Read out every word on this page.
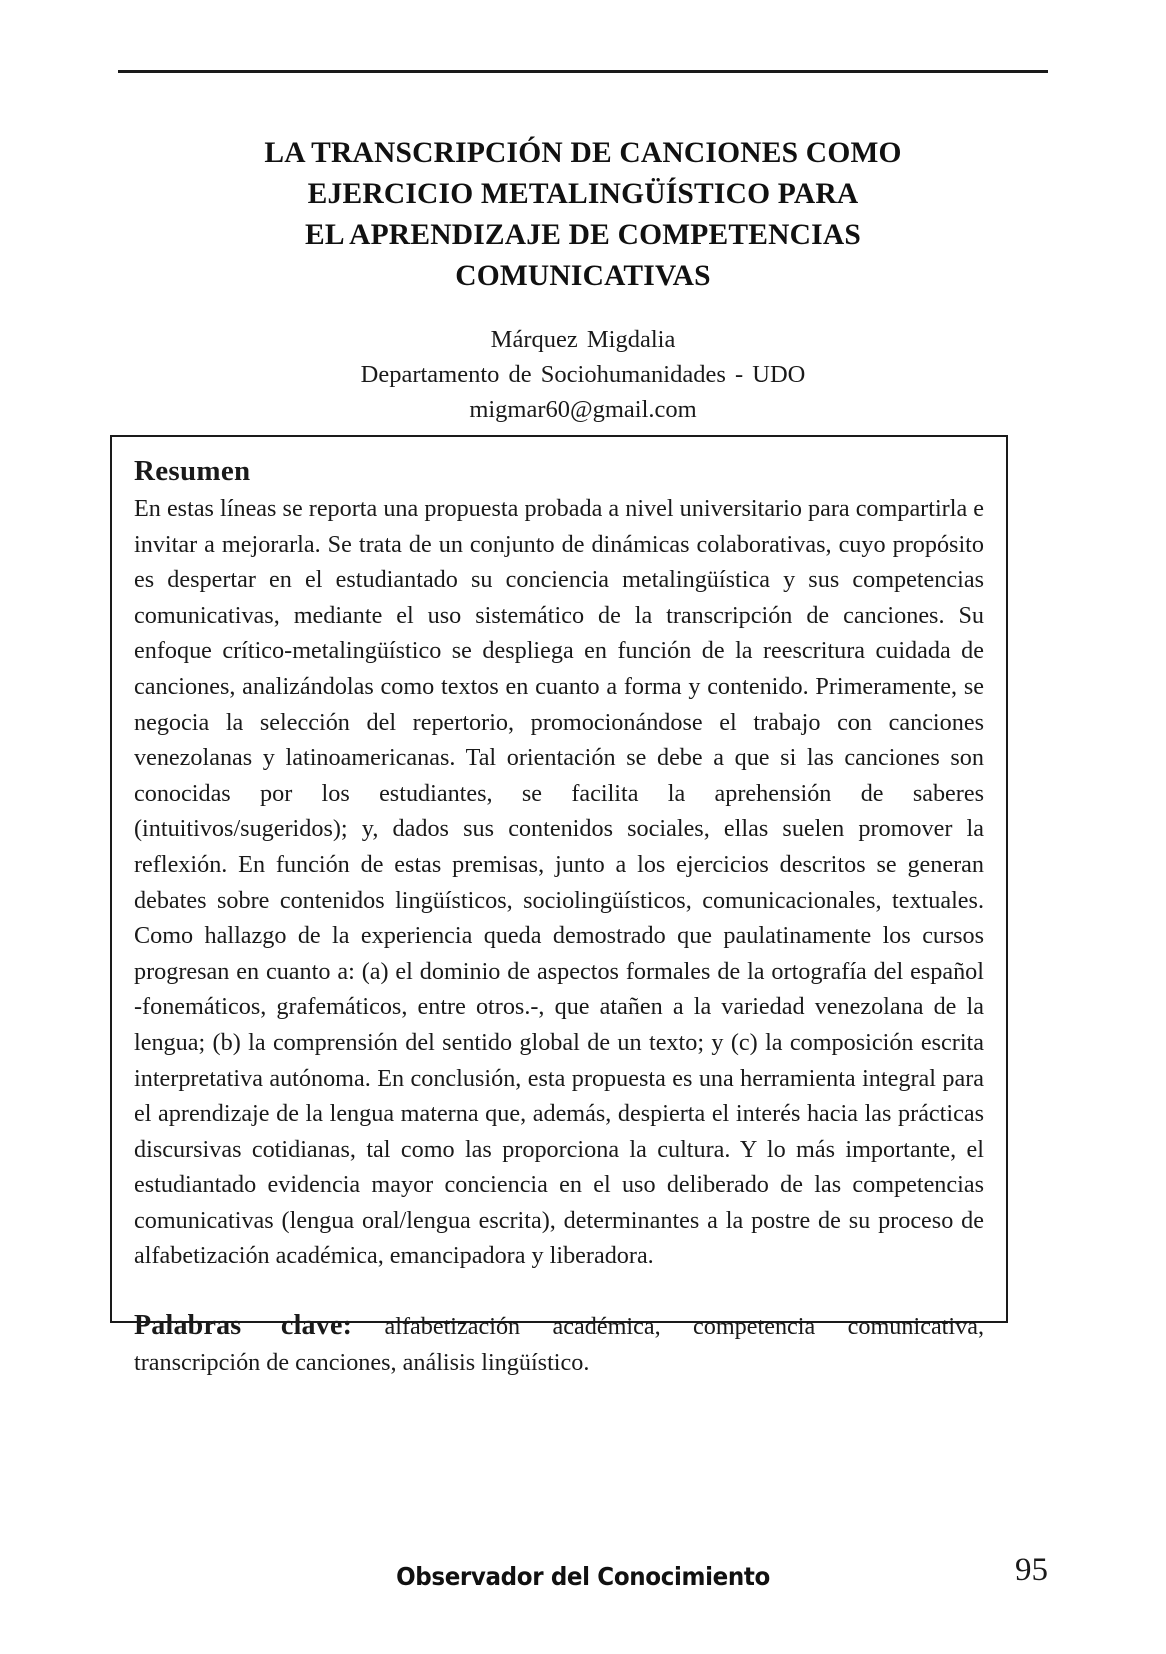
LA TRANSCRIPCIÓN DE CANCIONES COMO
EJERCICIO METALINGÜÍSTICO PARA
EL APRENDIZAJE DE COMPETENCIAS
COMUNICATIVAS
Márquez Migdalia
Departamento de Sociohumanidades - UDO
migmar60@gmail.com
Resumen

En estas líneas se reporta una propuesta probada a nivel universitario para compartirla e invitar a mejorarla. Se trata de un conjunto de dinámicas colaborativas, cuyo propósito es despertar en el estudiantado su conciencia metalingüística y sus competencias comunicativas, mediante el uso sistemático de la transcripción de canciones. Su enfoque crítico-metalingüístico se despliega en función de la reescritura cuidada de canciones, analizándolas como textos en cuanto a forma y contenido. Primeramente, se negocia la selección del repertorio, promocionándose el trabajo con canciones venezolanas y latinoamericanas. Tal orientación se debe a que si las canciones son conocidas por los estudiantes, se facilita la aprehensión de saberes (intuitivos/sugeridos); y, dados sus contenidos sociales, ellas suelen promover la reflexión. En función de estas premisas, junto a los ejercicios descritos se generan debates sobre contenidos lingüísticos, sociolingüísticos, comunicacionales, textuales. Como hallazgo de la experiencia queda demostrado que paulatinamente los cursos progresan en cuanto a: (a) el dominio de aspectos formales de la ortografía del español -fonemáticos, grafemáticos, entre otros.-, que atañen a la variedad venezolana de la lengua; (b) la comprensión del sentido global de un texto; y (c) la composición escrita interpretativa autónoma. En conclusión, esta propuesta es una herramienta integral para el aprendizaje de la lengua materna que, además, despierta el interés hacia las prácticas discursivas cotidianas, tal como las proporciona la cultura. Y lo más importante, el estudiantado evidencia mayor conciencia en el uso deliberado de las competencias comunicativas (lengua oral/lengua escrita), determinantes a la postre de su proceso de alfabetización académica, emancipadora y liberadora.

Palabras clave: alfabetización académica, competencia comunicativa, transcripción de canciones, análisis lingüístico.

Observador del Conocimiento	95
